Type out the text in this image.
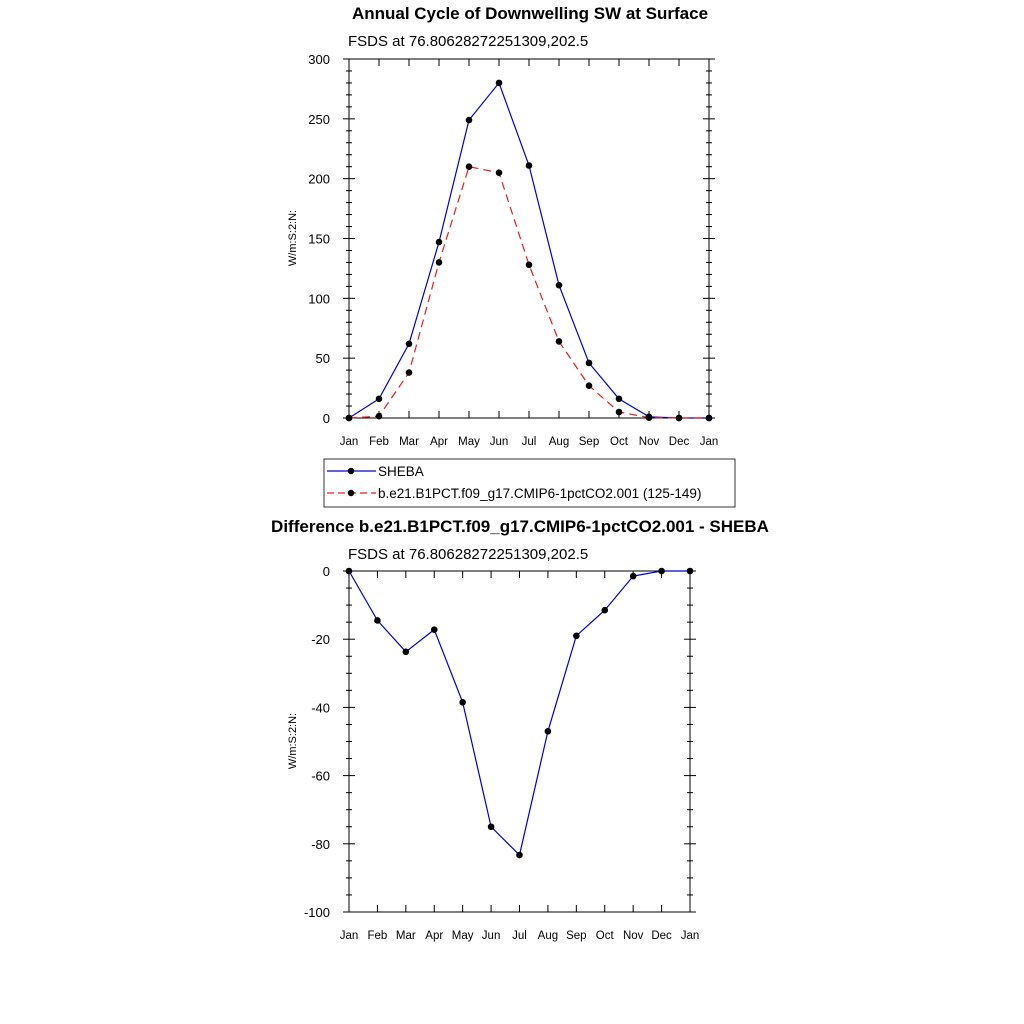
Annual Cycle of Downwelling SW at Surface
FSDS at 76.80628272251309,202.5
W/m:S:2:N:
Jan Feb Mar Apr May Jun Jul Aug Sep Oct Nov Dec Jan
0
50
100
150
200
250
300
SHEBA
b.e21.B1PCT.f09_g17.CMIP6-1pctCO2.001 (125-149)
Difference b.e21.B1PCT.f09_g17.CMIP6-1pctCO2.001 - SHEBA
FSDS at 76.80628272251309,202.5
W/m:S:2:N:
Jan Feb Mar Apr May Jun Jul Aug Sep Oct Nov Dec Jan
0
-20
-40
-60
-80
-100
